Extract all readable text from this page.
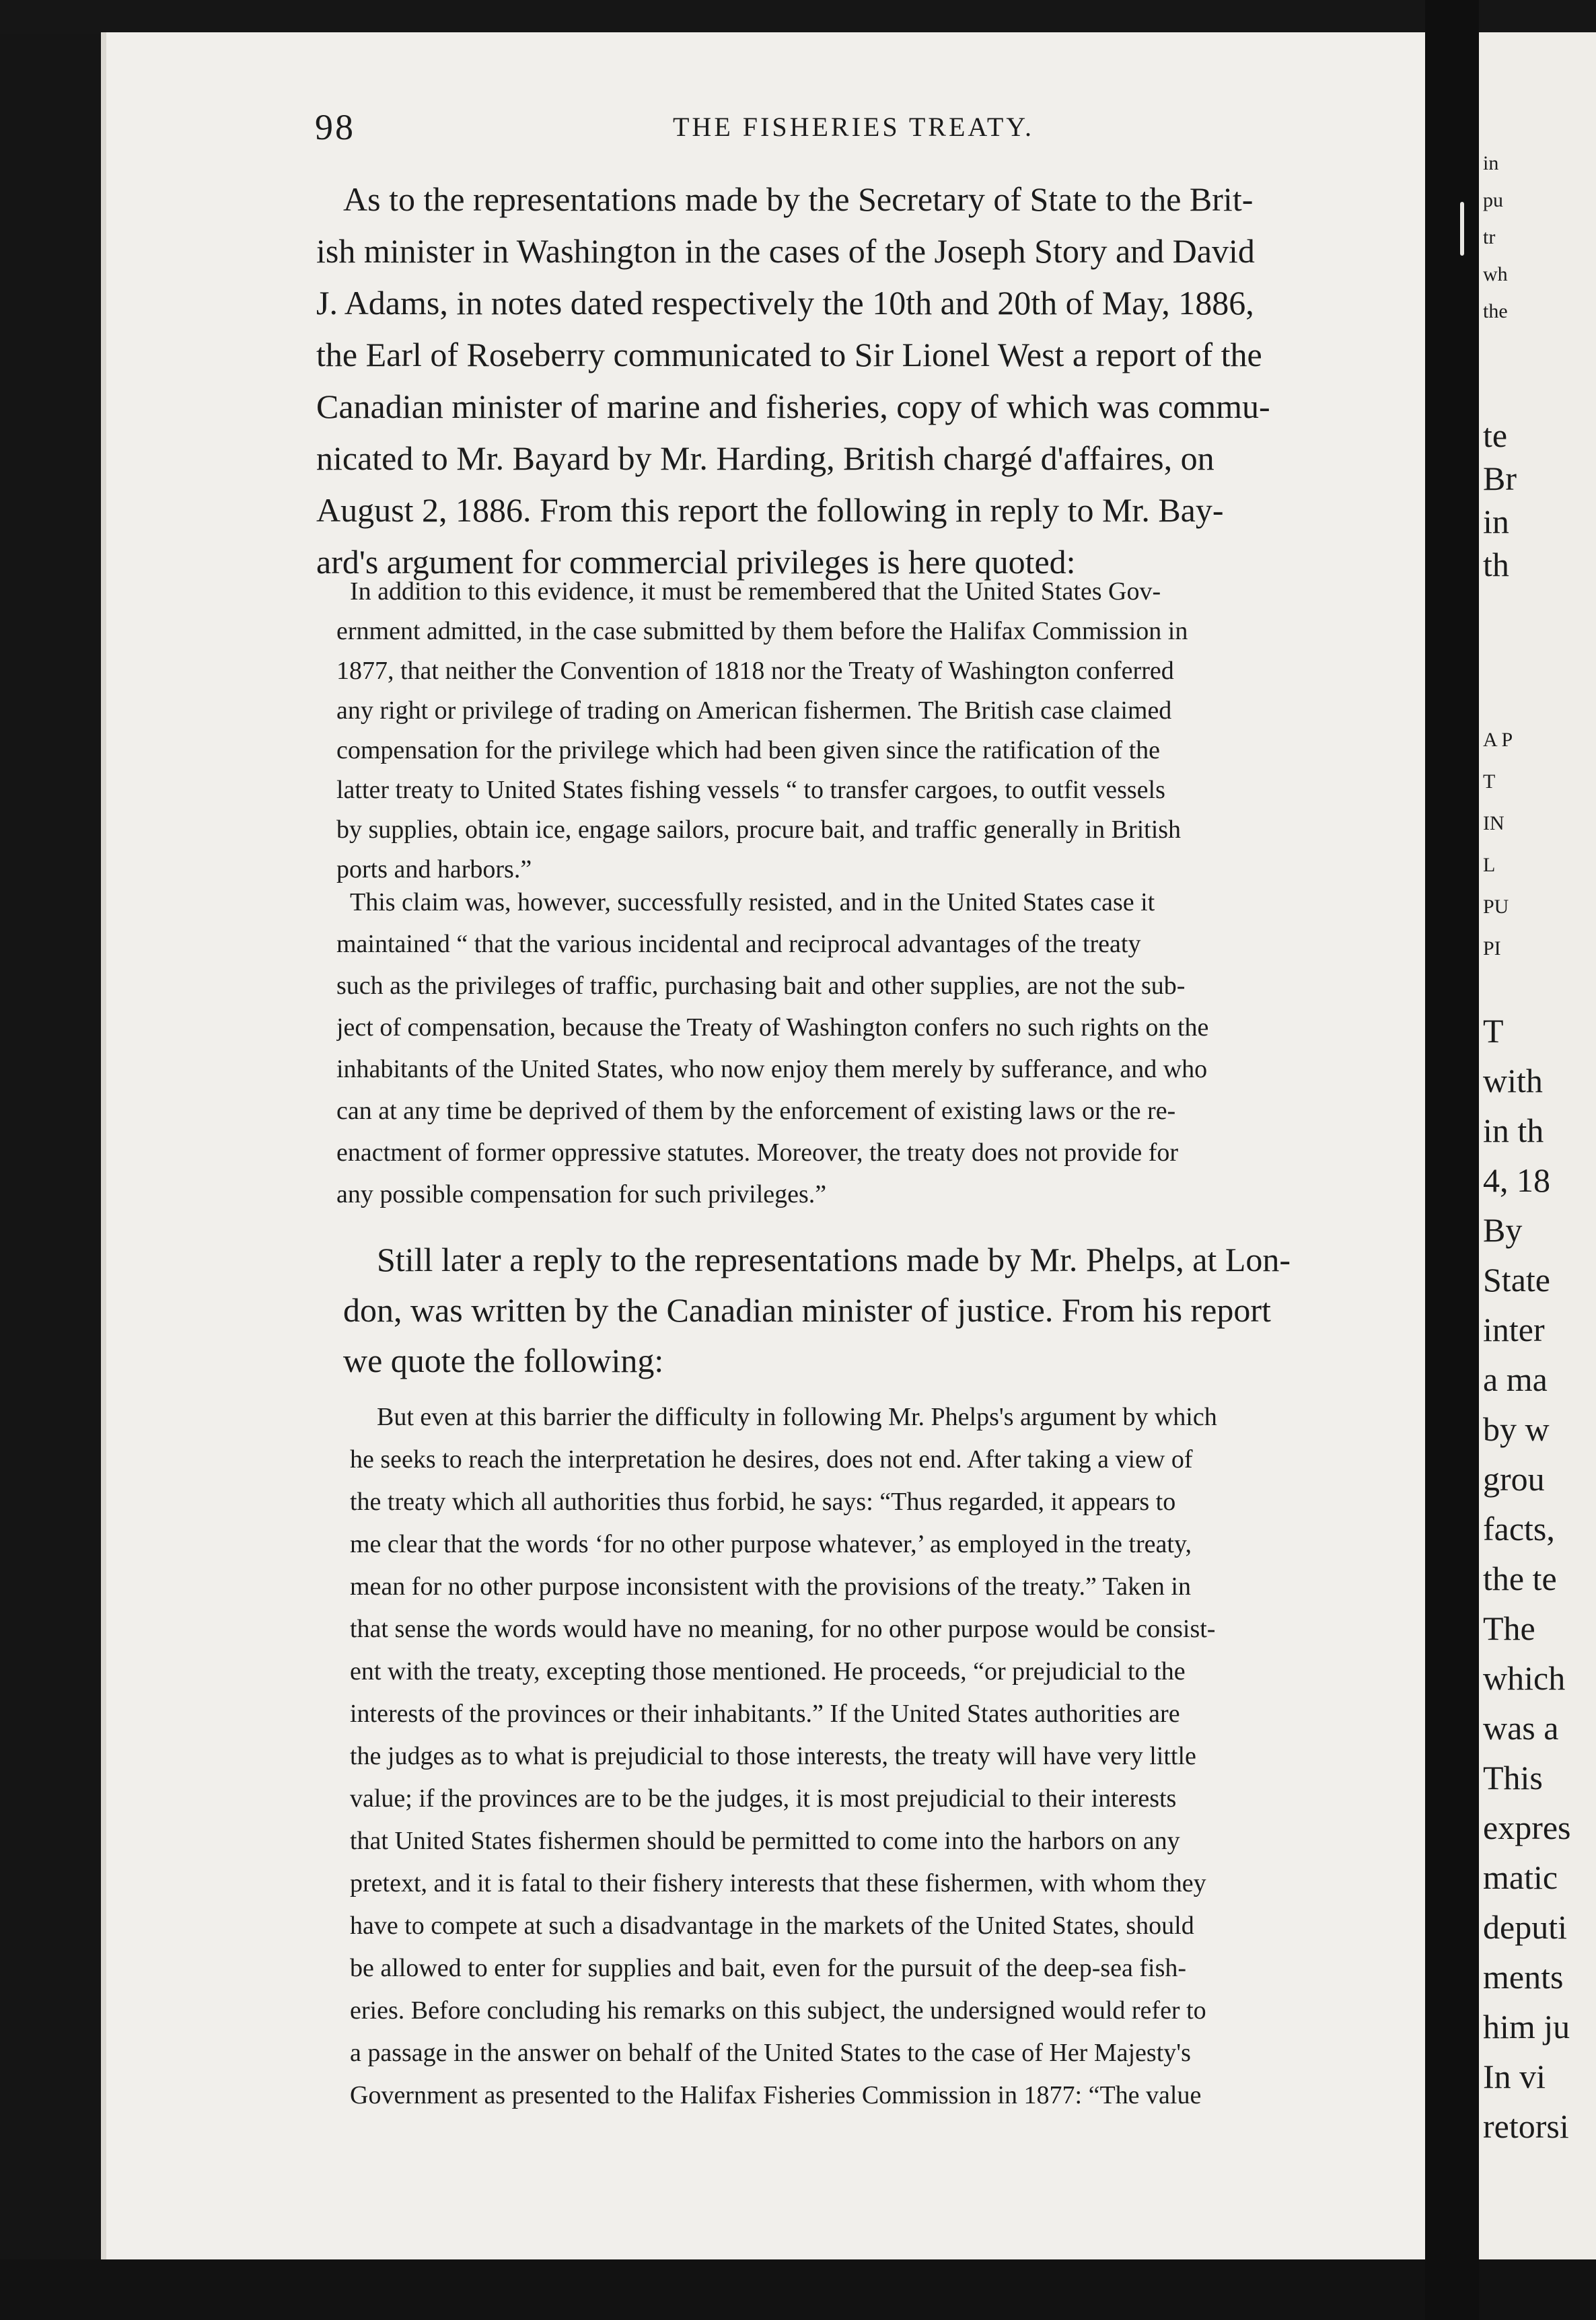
98	THE FISHERIES TREATY.
As to the representations made by the Secretary of State to the Brit-
ish minister in Washington in the cases of the Joseph Story and David
J. Adams, in notes dated respectively the 10th and 20th of May, 1886,
the Earl of Roseberry communicated to Sir Lionel West a report of the
Canadian minister of marine and fisheries, copy of which was commu-
nicated to Mr. Bayard by Mr. Harding, British chargé d'affaires, on
August 2, 1886. From this report the following in reply to Mr. Bay-
ard's argument for commercial privileges is here quoted:
In addition to this evidence, it must be remembered that the United States Gov-
ernment admitted, in the case submitted by them before the Halifax Commission in
1877, that neither the Convention of 1818 nor the Treaty of Washington conferred
any right or privilege of trading on American fishermen. The British case claimed
compensation for the privilege which had been given since the ratification of the
latter treaty to United States fishing vessels “ to transfer cargoes, to outfit vessels
by supplies, obtain ice, engage sailors, procure bait, and traffic generally in British
ports and harbors.”
This claim was, however, successfully resisted, and in the United States case it
maintained “ that the various incidental and reciprocal advantages of the treaty
such as the privileges of traffic, purchasing bait and other supplies, are not the sub-
ject of compensation, because the Treaty of Washington confers no such rights on the
inhabitants of the United States, who now enjoy them merely by sufferance, and who
can at any time be deprived of them by the enforcement of existing laws or the re-
enactment of former oppressive statutes. Moreover, the treaty does not provide for
any possible compensation for such privileges.”
Still later a reply to the representations made by Mr. Phelps, at Lon-
don, was written by the Canadian minister of justice. From his report
we quote the following:
But even at this barrier the difficulty in following Mr. Phelps's argument by which
he seeks to reach the interpretation he desires, does not end. After taking a view of
the treaty which all authorities thus forbid, he says: “Thus regarded, it appears to
me clear that the words ‘for no other purpose whatever,’ as employed in the treaty,
mean for no other purpose inconsistent with the provisions of the treaty.” Taken in
that sense the words would have no meaning, for no other purpose would be consist-
ent with the treaty, excepting those mentioned. He proceeds, “or prejudicial to the
interests of the provinces or their inhabitants.” If the United States authorities are
the judges as to what is prejudicial to those interests, the treaty will have very little
value; if the provinces are to be the judges, it is most prejudicial to their interests
that United States fishermen should be permitted to come into the harbors on any
pretext, and it is fatal to their fishery interests that these fishermen, with whom they
have to compete at such a disadvantage in the markets of the United States, should
be allowed to enter for supplies and bait, even for the pursuit of the deep-sea fish-
eries. Before concluding his remarks on this subject, the undersigned would refer to
a passage in the answer on behalf of the United States to the case of Her Majesty's
Government as presented to the Halifax Fisheries Commission in 1877: “The value
in
pu
tr
wh
the
te
Br
in
th
A P
T
IN
L
PU
PI
T
with
in th
4, 18
By
State
inter
a ma
by w
grou
facts,
the te
The
which
was a
This
expres
matic
deputi
ments
him ju
In vi
retorsi
